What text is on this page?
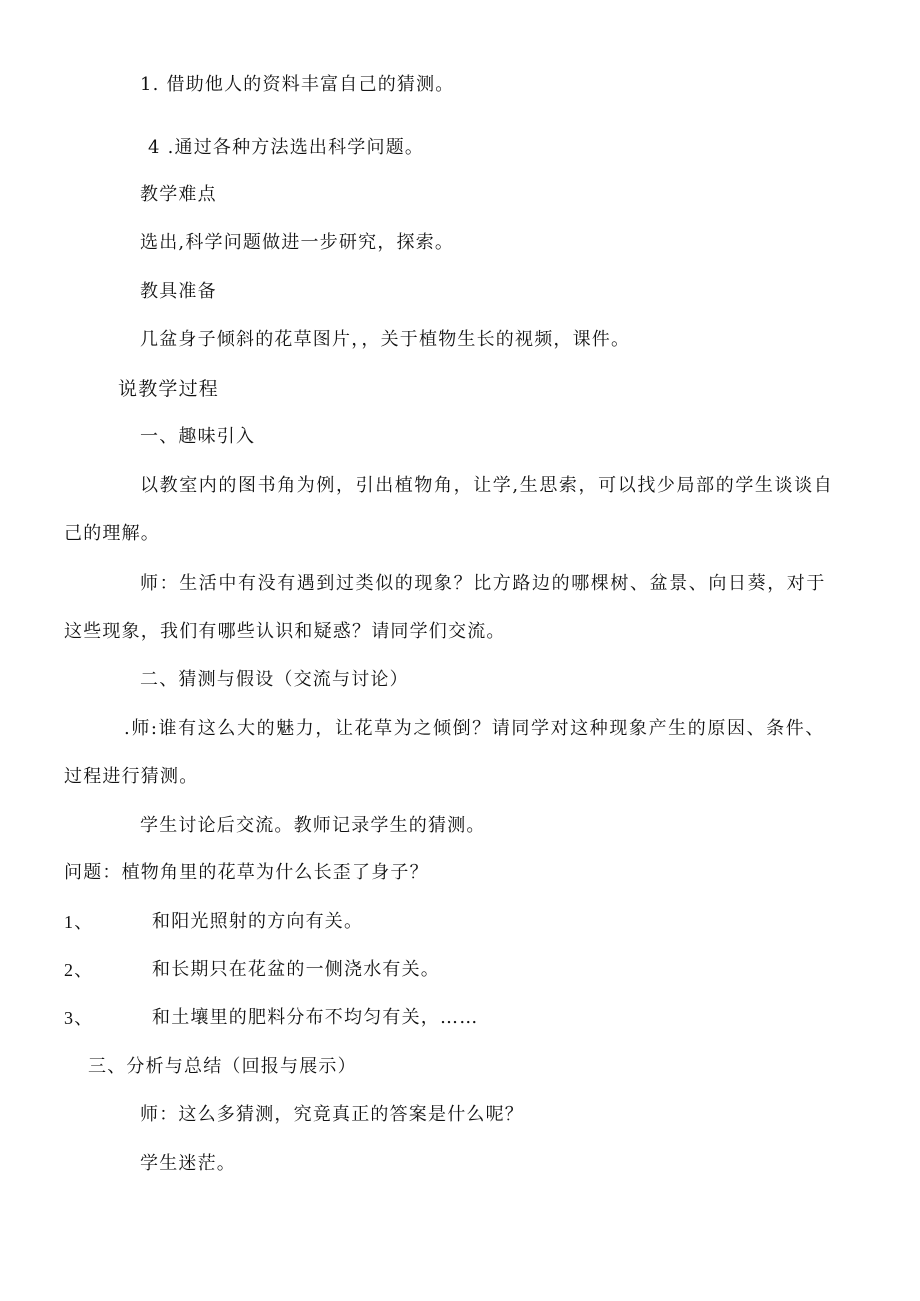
1. 借助他人的资料丰富自己的猜测。
4 .通过各种方法选出科学问题。
教学难点
选出,科学问题做进一步研究，探索。
教具准备
几盆身子倾斜的花草图片，，关于植物生长的视频，课件。
说教学过程
一、趣味引入
以教室内的图书角为例，引出植物角，让学,生思索，可以找少局部的学生谈谈自
己的理解。
师：生活中有没有遇到过类似的现象？比方路边的哪棵树、盆景、向日葵，对于
这些现象，我们有哪些认识和疑惑？请同学们交流。
二、猜测与假设（交流与讨论）
.师:谁有这么大的魅力，让花草为之倾倒？请同学对这种现象产生的原因、条件、
过程进行猜测。
学生讨论后交流。教师记录学生的猜测。
问题：植物角里的花草为什么长歪了身子？
1、	和阳光照射的方向有关。
2、	和长期只在花盆的一侧浇水有关。
3、	和土壤里的肥料分布不均匀有关，……
三、分析与总结（回报与展示）
师：这么多猜测，究竟真正的答案是什么呢？
学生迷茫。
